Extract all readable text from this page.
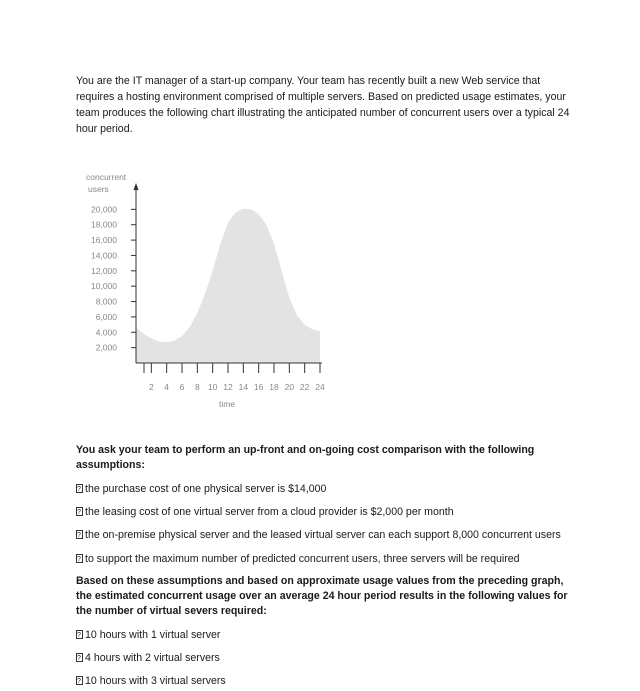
You are the IT manager of a start-up company. Your team has recently built a new Web service that requires a hosting environment comprised of multiple servers. Based on predicted usage estimates, your team produces the following chart illustrating the anticipated number of concurrent users over a typical 24 hour period.

concurrent
users
time
20,000
18,000
16,000
14,000
12,000
10,000
8,000
6,000
4,000
2,000
2 4 6 8 10 12 14 16 18 20 22 24

You ask your team to perform an up-front and on-going cost comparison with the following assumptions:

?the purchase cost of one physical server is $14,000

?the leasing cost of one virtual server from a cloud provider is $2,000 per month

?the on-premise physical server and the leased virtual server can each support 8,000 concurrent users

?to support the maximum number of predicted concurrent users, three servers will be required

Based on these assumptions and based on approximate usage values from the preceding graph, the estimated concurrent usage over an average 24 hour period results in the following values for the number of virtual severs required:

?10 hours with 1 virtual server

?4 hours with 2 virtual servers

?10 hours with 3 virtual servers
